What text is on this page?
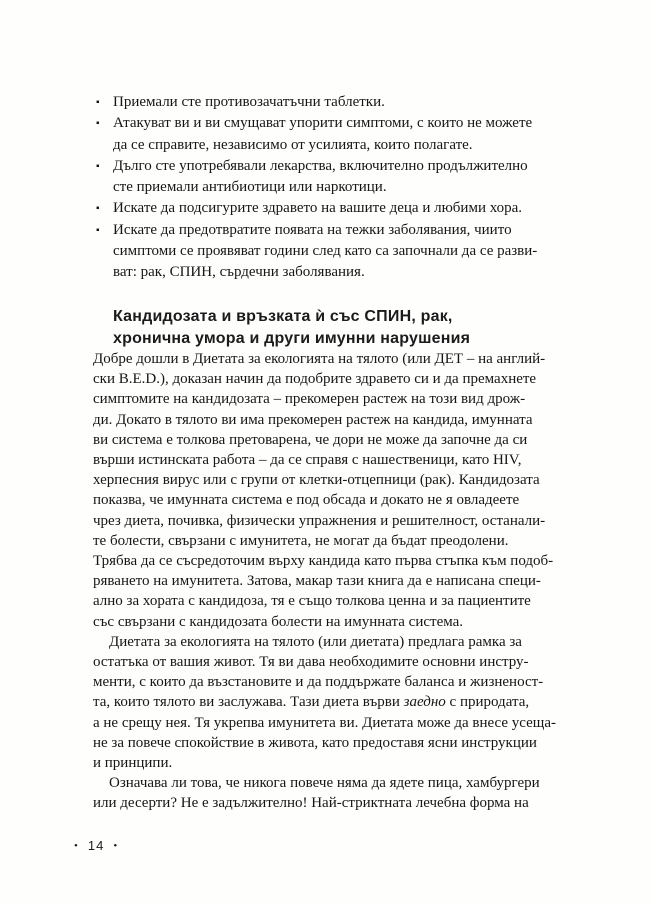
▪ Приемали сте противозачатъчни таблетки.
▪ Атакуват ви и ви смущават упорити симптоми, с които не можете
да се справите, независимо от усилията, които полагате.
▪ Дълго сте употребявали лекарства, включително продължително
сте приемали антибиотици или наркотици.
▪ Искате да подсигурите здравето на вашите деца и любими хора.
▪ Искате да предотвратите появата на тежки заболявания, чиито
симптоми се проявяват години след като са започнали да се разви-
ват: рак, СПИН, сърдечни заболявания.
Кандидозата и връзката ѝ със СПИН, рак,
хронична умора и други имунни нарушения
Добре дошли в Диетата за екологията на тялото (или ДЕТ – на англий-
ски B.E.D.), доказан начин да подобрите здравето си и да премахнете
симптомите на кандидозата – прекомерен растеж на този вид дрож-
ди. Докато в тялото ви има прекомерен растеж на кандида, имунната
ви система е толкова претоварена, че дори не може да започне да си
върши истинската работа – да се справя с нашественици, като HIV,
херпесния вирус или с групи от клетки-отцепници (рак). Кандидозата
показва, че имунната система е под обсада и докато не я овладеете
чрез диета, почивка, физически упражнения и решителност, останали-
те болести, свързани с имунитета, не могат да бъдат преодолени.
Трябва да се съсредоточим върху кандида като първа стъпка към подоб-
ряването на имунитета. Затова, макар тази книга да е написана специ-
ално за хората с кандидоза, тя е също толкова ценна и за пациентите
със свързани с кандидозата болести на имунната система.
Диетата за екологията на тялото (или диетата) предлага рамка за
остатъка от вашия живот. Тя ви дава необходимите основни инстру-
менти, с които да възстановите и да поддържате баланса и жизненост-
та, които тялото ви заслужава. Тази диета върви заедно с природата,
а не срещу нея. Тя укрепва имунитета ви. Диетата може да внесе усеща-
не за повече спокойствие в живота, като предоставя ясни инструкции
и принципи.
Означава ли това, че никога повече няма да ядете пица, хамбургери
или десерти? Не е задължително! Най-стриктната лечебна форма на
• 14 •
